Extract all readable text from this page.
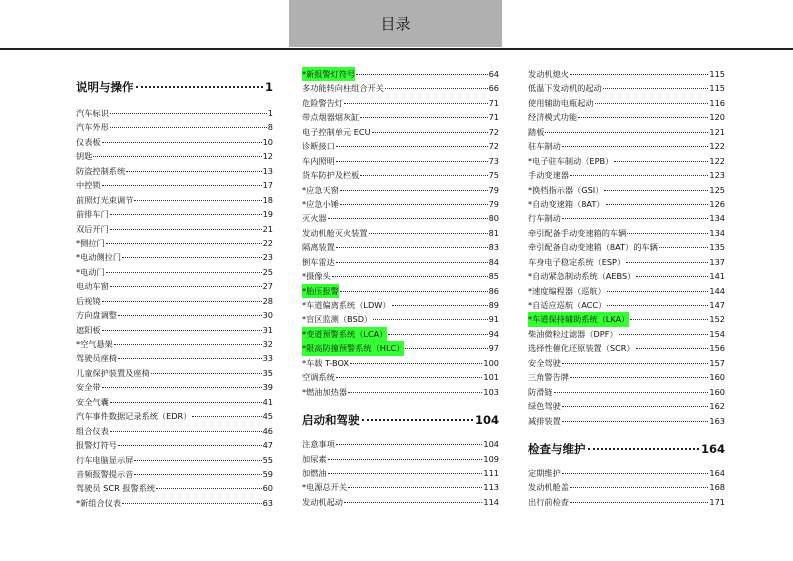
目录
说明与操作	1
汽车标识	1
汽车外形	8
仪表板	10
钥匙	12
防盗控制系统	13
中控锁	17
前照灯光束调节	18
前排车门	19
双后开门	21
*侧拉门	22
*电动侧拉门	23
*电动门	25
电动车窗	27
后视镜	28
方向盘调整	30
遮阳板	31
*空气悬架	32
驾驶员座椅	33
儿童保护装置及座椅	35
安全带	39
安全气囊	41
汽车事件数据记录系统（EDR）	45
组合仪表	46
报警灯符号	47
行车电脑显示屏	55
音频报警提示音	59
驾驶员 SCR 报警系统	60
*新组合仪表	63
*新报警灯符号	64
多功能转向柱组合开关	66
危险警告灯	71
带点烟器烟灰缸	71
电子控制单元 ECU	72
诊断接口	72
车内照明	73
货车防护及栏板	75
*应急天窗	79
*应急小锤	79
灭火器	80
发动机舱灭火装置	81
隔离装置	83
倒车雷达	84
*摄像头	85
*胎压报警	86
*车道偏离系统（LDW）	89
*盲区监测（BSD）	91
*变道预警系统（LCA）	94
*限高防撞预警系统（HLC）	97
*车载 T-BOX	100
空调系统	101
*燃油加热器	103
启动和驾驶	104
注意事项	104
加尿素	109
加燃油	111
*电源总开关	113
发动机起动	114
发动机熄火	115
低温下发动机的起动	115
使用辅助电瓶起动	116
经济模式功能	120
踏板	121
驻车制动	122
*电子驻车制动（EPB）	122
手动变速器	123
*换档指示器（GSI）	125
*自动变速箱（8AT）	126
行车制动	134
牵引配备手动变速箱的车辆	134
牵引配备自动变速箱（8AT）的车辆	135
车身电子稳定系统（ESP）	137
*自动紧急制动系统（AEBS）	141
*速度编程器（巡航）	144
*自适应巡航（ACC）	147
*车道保持辅助系统（LKA）	152
柴油微粒过滤器（DPF）	154
选择性催化还原装置（SCR）	156
安全驾驶	157
三角警告牌	160
防滑链	160
绿色驾驶	162
减排装置	163
检查与维护	164
定期维护	164
发动机舱盖	168
出行前检查	171
